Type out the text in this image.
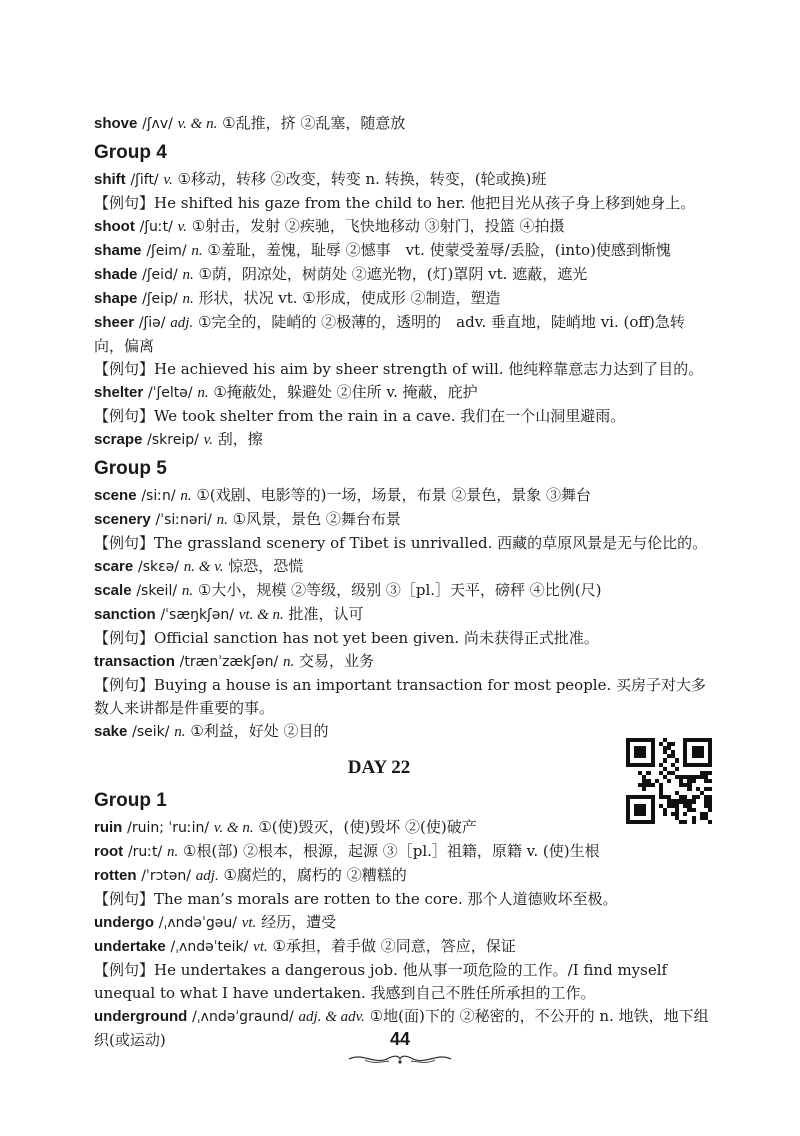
shove /ʃʌv/ v. & n. ①乱推，挤 ②乱塞，随意放

Group 4

shift /ʃift/ v. ①移动，转移 ②改变，转变 n. 转换，转变，(轮或换)班

【例句】He shifted his gaze from the child to her. 他把目光从孩子身上移到她身上。

shoot /ʃuːt/ v. ①射击，发射 ②疾驰，飞快地移动 ③射门，投篮 ④拍摄

shame /ʃeim/ n. ①羞耻，羞愧，耻辱 ②憾事　vt. 使蒙受羞辱/丢脸，(into)使感到惭愧

shade /ʃeid/ n. ①荫，阴凉处，树荫处 ②遮光物，(灯)罩阴 vt. 遮蔽，遮光

shape /ʃeip/ n. 形状，状况 vt. ①形成，使成形 ②制造，塑造

sheer /ʃiə/ adj. ①完全的，陡峭的 ②极薄的，透明的　adv. 垂直地，陡峭地 vi. (off)急转向，偏离

【例句】He achieved his aim by sheer strength of will. 他纯粹靠意志力达到了目的。

shelter /ˈʃeltə/ n. ①掩蔽处，躲避处 ②住所 v. 掩蔽，庇护

【例句】We took shelter from the rain in a cave. 我们在一个山洞里避雨。

scrape /skreip/ v. 刮，擦

Group 5

scene /siːn/ n. ①(戏剧、电影等的)一场，场景，布景 ②景色，景象 ③舞台

scenery /ˈsiːnəri/ n. ①风景，景色 ②舞台布景

【例句】The grassland scenery of Tibet is unrivalled. 西藏的草原风景是无与伦比的。

scare /skɛə/ n. & v. 惊恐，恐慌

scale /skeil/ n. ①大小，规模 ②等级，级别 ③［pl.］天平，磅秤 ④比例(尺)

sanction /ˈsæŋkʃən/ vt. & n. 批准，认可

【例句】Official sanction has not yet been given. 尚未获得正式批准。

transaction /trænˈzækʃən/ n. 交易，业务

【例句】Buying a house is an important transaction for most people. 买房子对大多数人来讲都是件重要的事。

sake /seik/ n. ①利益，好处 ②目的

DAY 22
Group 1

ruin /ruin; ˈruːin/ v. & n. ①(使)毁灭，(使)毁坏 ②(使)破产

root /ruːt/ n. ①根(部) ②根本，根源，起源 ③［pl.］祖籍，原籍 v. (使)生根

rotten /ˈrɔtən/ adj. ①腐烂的，腐朽的 ②糟糕的

【例句】The man’s morals are rotten to the core. 那个人道德败坏至极。

undergo /ˌʌndəˈgəu/ vt. 经历，遭受

undertake /ˌʌndəˈteik/ vt. ①承担，着手做 ②同意，答应，保证

【例句】He undertakes a dangerous job. 他从事一项危险的工作。/I find myself unequal to what I have undertaken. 我感到自己不胜任所承担的工作。

underground /ˌʌndəˈgraund/ adj. & adv. ①地(面)下的 ②秘密的，不公开的 n. 地铁，地下组织(或运动)	44
